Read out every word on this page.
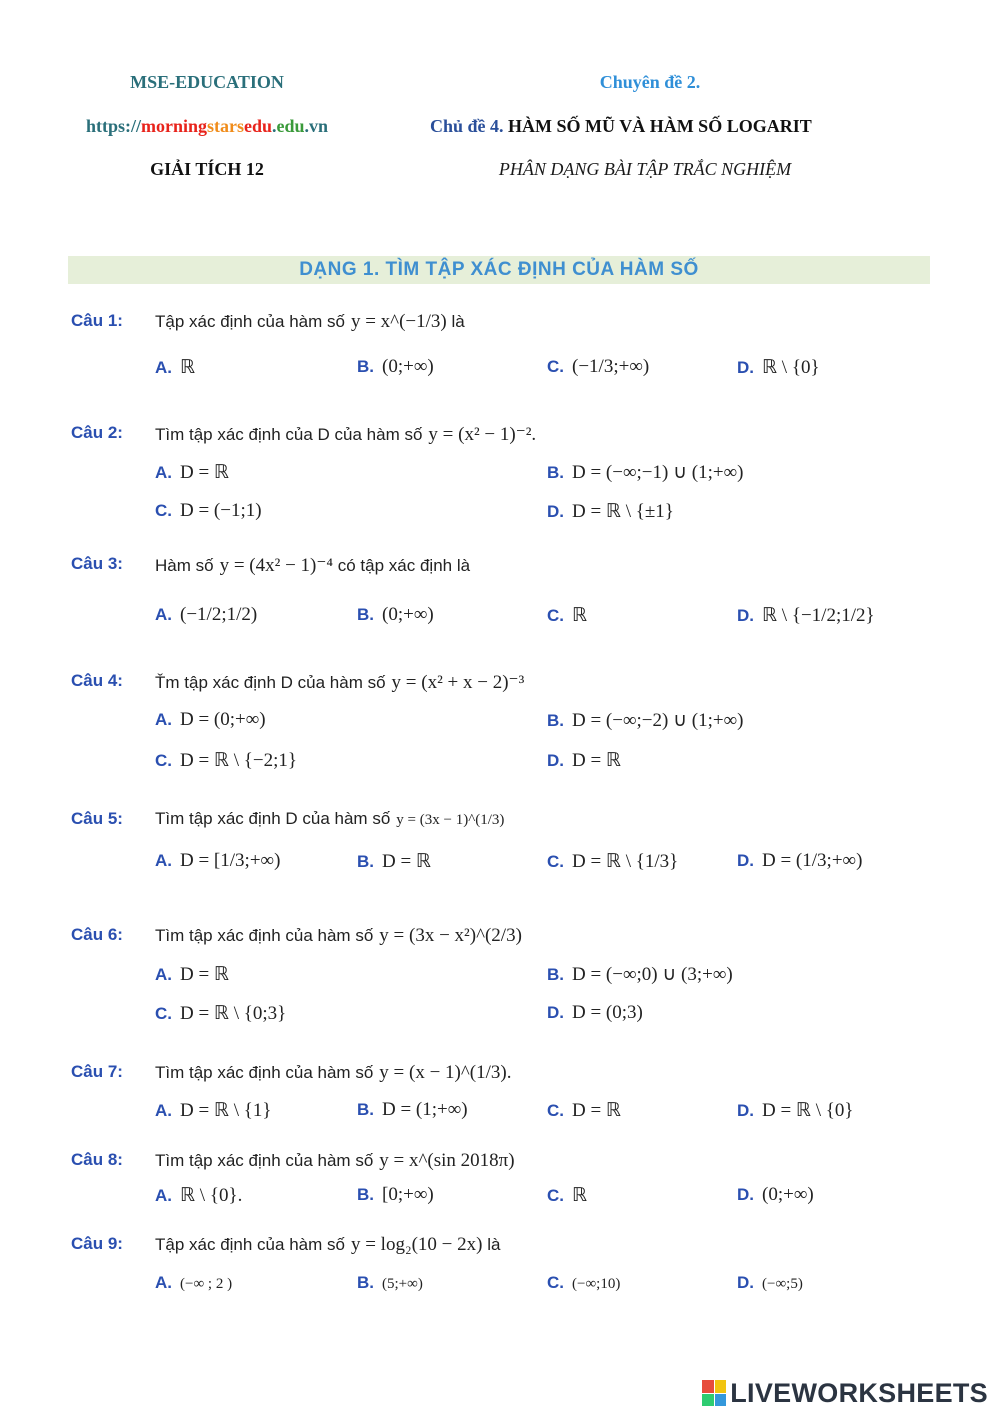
MSE-EDUCATION
https://morningstarsedu.edu.vn
GIẢI TÍCH 12
Chuyên đề 2.
Chủ đề 4. HÀM SỐ MŨ VÀ HÀM SỐ LOGARIT
PHÂN DẠNG BÀI TẬP TRẮC NGHIỆM
DẠNG 1. TÌM TẬP XÁC ĐỊNH CỦA HÀM SỐ
Câu 1: Tập xác định của hàm số y = x^(−1/3) là
A. ℝ	B. (0;+∞)	C. (−1/3;+∞)	D. ℝ \ {0}
Câu 2: Tìm tập xác định của D của hàm số y = (x² − 1)⁻².
A. D = ℝ	B. D = (−∞;−1) ∪ (1;+∞)
C. D = (−1;1)	D. D = ℝ \ {±1}
Câu 3: Hàm số y = (4x² − 1)⁻⁴ có tập xác định là
A. (−1/2;1/2)	B. (0;+∞)	C. ℝ	D. ℝ \ {−1/2;1/2}
Câu 4: Ťm tập xác định D của hàm số y = (x² + x − 2)⁻³
A. D = (0;+∞)	B. D = (−∞;−2) ∪ (1;+∞)
C. D = ℝ \ {−2;1}	D. D = ℝ
Câu 5: Tìm tập xác định D của hàm số y = (3x − 1)^(1/3)
A. D = [1/3;+∞)	B. D = ℝ	C. D = ℝ \ {1/3}	D. D = (1/3;+∞)
Câu 6: Tìm tập xác định của hàm số y = (3x − x²)^(2/3)
A. D = ℝ	B. D = (−∞;0) ∪ (3;+∞)
C. D = ℝ \ {0;3}	D. D = (0;3)
Câu 7: Tìm tập xác định của hàm số y = (x − 1)^(1/3).
A. D = ℝ \ {1}	B. D = (1;+∞)	C. D = ℝ	D. D = ℝ \ {0}
Câu 8: Tìm tập xác định của hàm số y = x^(sin 2018π)
A. ℝ \ {0}.	B. [0;+∞)	C. ℝ	D. (0;+∞)
Câu 9: Tập xác định của hàm số y = log₂(10 − 2x) là
A. (−∞ ; 2 )	B. (5;+∞)	C. (−∞;10)	D. (−∞;5)
LIVEWORKSHEETS
